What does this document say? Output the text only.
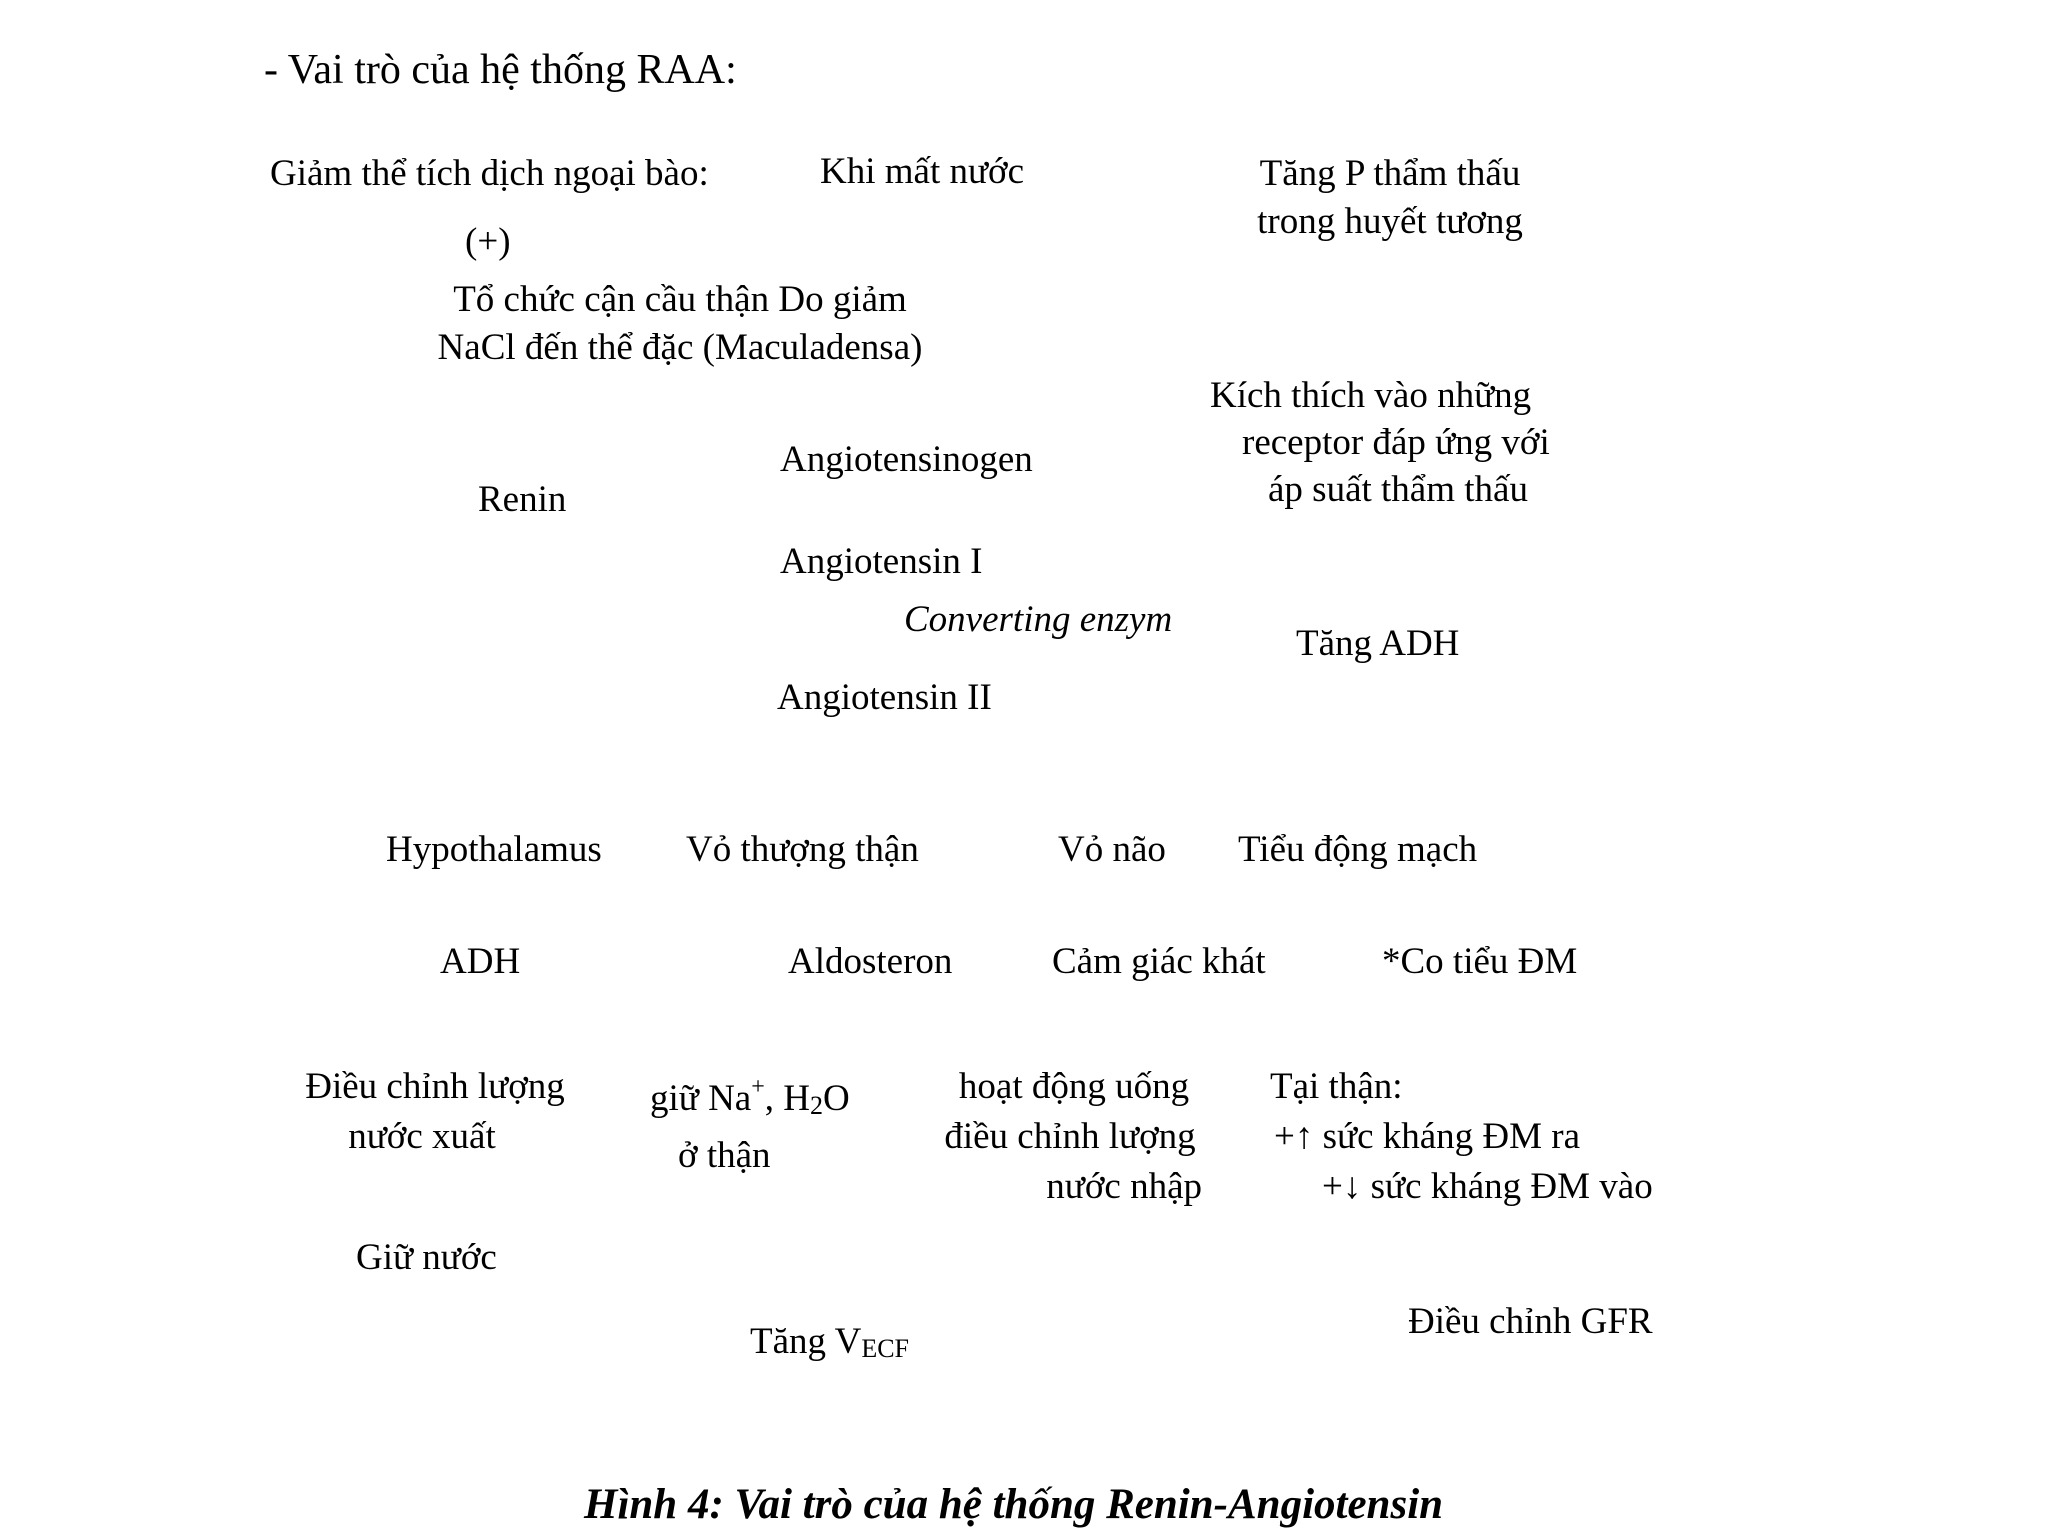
- Vai trò của hệ thống RAA:
Giảm thể tích dịch ngoại bào:	Khi mất nước	Tăng P thẩm thấu
trong huyết tương
(+)
Tổ chức cận cầu thận Do giảm
NaCl đến thể đặc (Maculadensa)
Kích thích vào những
receptor đáp ứng với
áp suất thẩm thấu
Angiotensinogen
Renin
Angiotensin I
Converting enzym
Tăng ADH
Angiotensin II
Hypothalamus Vỏ thượng thận	Vỏ não Tiểu động mạch
ADH	Aldosteron	Cảm giác khát	*Co tiểu ĐM
Điều chỉnh lượng
nước xuất
giữ Na+, H2O
ở thận
hoạt động uống
điều chỉnh lượng
nước nhập
Tại thận:
+↑ sức kháng ĐM ra
+↓ sức kháng ĐM vào
Giữ nước
Tăng VECF
Điều chỉnh GFR
Hình 4: Vai trò của hệ thống Renin-Angiotensin
